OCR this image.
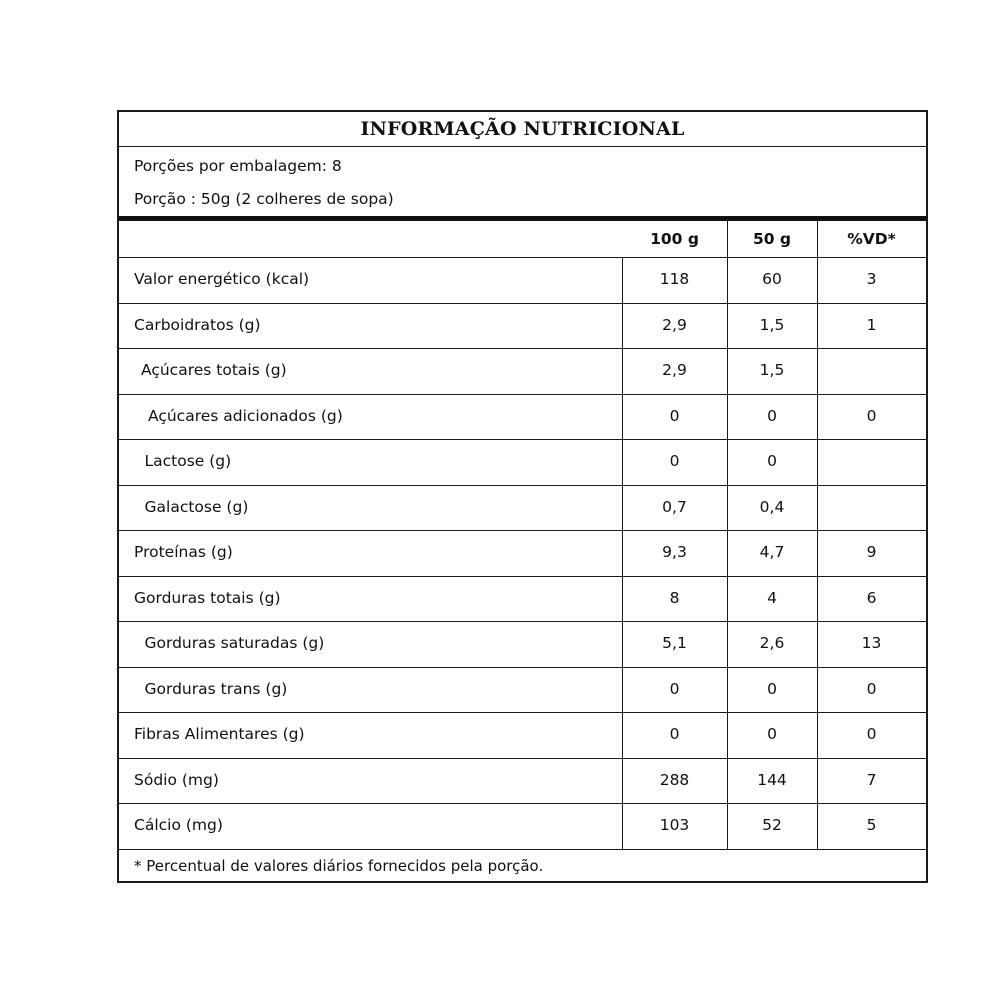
INFORMAÇÃO NUTRICIONAL
Porções por embalagem: 8
Porção : 50g (2 colheres de sopa)
100 g	50 g	%VD*
Valor energético (kcal)	118	60	3
Carboidratos (g)	2,9	1,5	1
Açúcares totais (g)	2,9	1,5
Açúcares adicionados (g)	0	0	0
Lactose (g)	0	0
Galactose (g)	0,7	0,4
Proteínas (g)	9,3	4,7	9
Gorduras totais (g)	8	4	6
Gorduras saturadas (g)	5,1	2,6	13
Gorduras trans (g)	0	0	0
Fibras Alimentares (g)	0	0	0
Sódio (mg)	288	144	7
Cálcio (mg)	103	52	5
* Percentual de valores diários fornecidos pela porção.
